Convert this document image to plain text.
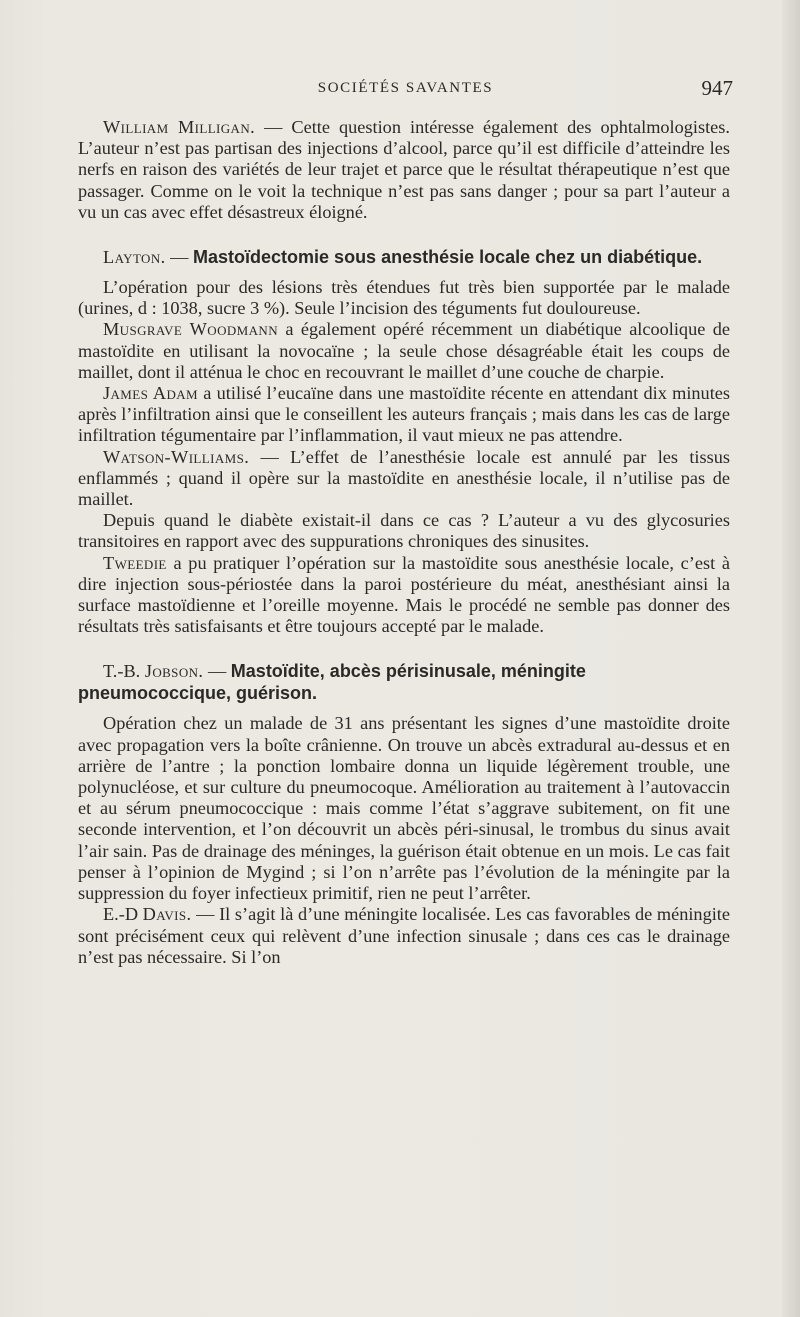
SOCIÉTÉS SAVANTES	947

William Milligan. — Cette question intéresse également des ophtalmologistes. L’auteur n’est pas partisan des injections d’alcool, parce qu’il est difficile d’atteindre les nerfs en raison des variétés de leur trajet et parce que le résultat thérapeutique n’est que passager. Comme on le voit la technique n’est pas sans danger ; pour sa part l’auteur a vu un cas avec effet désastreux éloigné.

Layton. — Mastoïdectomie sous anesthésie locale chez un diabétique.

L’opération pour des lésions très étendues fut très bien supportée par le malade (urines, d : 1038, sucre 3 %). Seule l’incision des téguments fut douloureuse.

Musgrave Woodmann a également opéré récemment un diabétique alcoolique de mastoïdite en utilisant la novocaïne ; la seule chose désagréable était les coups de maillet, dont il atténua le choc en recouvrant le maillet d’une couche de charpie.

James Adam a utilisé l’eucaïne dans une mastoïdite récente en attendant dix minutes après l’infiltration ainsi que le conseillent les auteurs français ; mais dans les cas de large infiltration tégumentaire par l’inflammation, il vaut mieux ne pas attendre.

Watson-Williams. — L’effet de l’anesthésie locale est annulé par les tissus enflammés ; quand il opère sur la mastoïdite en anesthésie locale, il n’utilise pas de maillet.

Depuis quand le diabète existait-il dans ce cas ? L’auteur a vu des glycosuries transitoires en rapport avec des suppurations chroniques des sinusites.

Tweedie a pu pratiquer l’opération sur la mastoïdite sous anesthésie locale, c’est à dire injection sous-périostée dans la paroi postérieure du méat, anesthésiant ainsi la surface mastoïdienne et l’oreille moyenne. Mais le procédé ne semble pas donner des résultats très satisfaisants et être toujours accepté par le malade.

T.-B. Jobson. — Mastoïdite, abcès périsinusale, méningite pneumococcique, guérison.

Opération chez un malade de 31 ans présentant les signes d’une mastoïdite droite avec propagation vers la boîte crânienne. On trouve un abcès extradural au-dessus et en arrière de l’antre ; la ponction lombaire donna un liquide légèrement trouble, une polynucléose, et sur culture du pneumocoque. Amélioration au traitement à l’autovaccin et au sérum pneumococcique : mais comme l’état s’aggrave subitement, on fit une seconde intervention, et l’on découvrit un abcès péri-sinusal, le trombus du sinus avait l’air sain. Pas de drainage des méninges, la guérison était obtenue en un mois. Le cas fait penser à l’opinion de Mygind ; si l’on n’arrête pas l’évolution de la méningite par la suppression du foyer infectieux primitif, rien ne peut l’arrêter.

E.-D Davis. — Il s’agit là d’une méningite localisée. Les cas favorables de méningite sont précisément ceux qui relèvent d’une infection sinusale ; dans ces cas le drainage n’est pas nécessaire. Si l’on
